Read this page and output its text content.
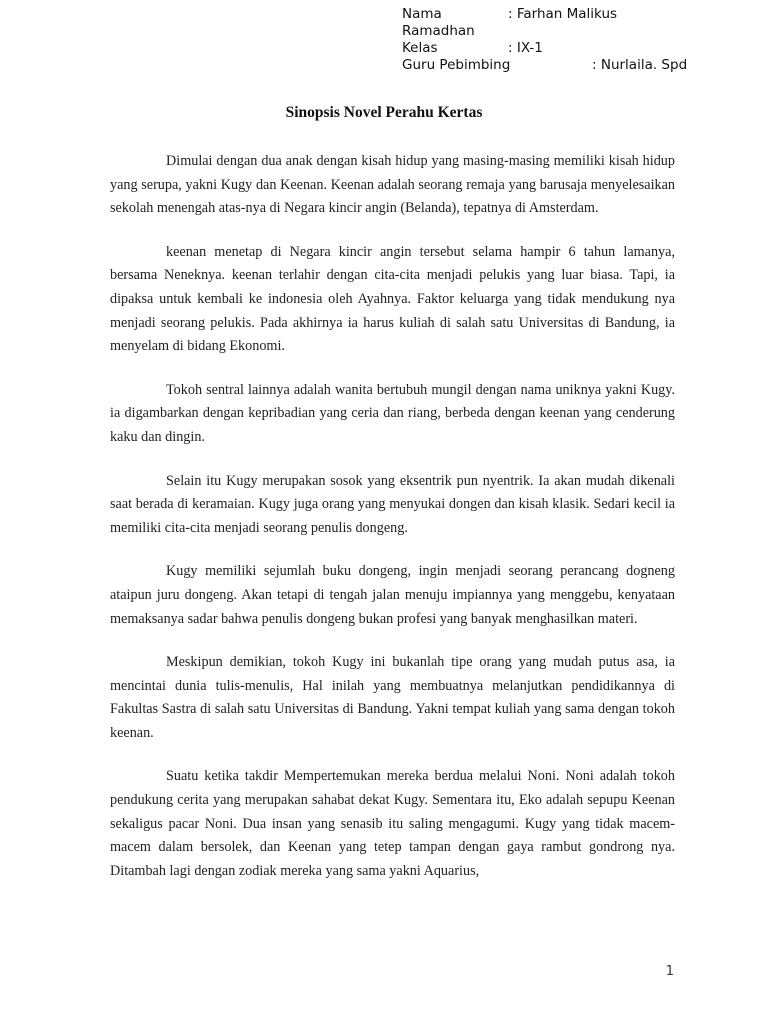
Nama	: Farhan Malikus
Ramadhan
Kelas	: IX-1
Guru Pebimbing	: Nurlaila. Spd
Sinopsis Novel Perahu Kertas

Dimulai dengan dua anak dengan kisah hidup yang masing-masing memiliki kisah hidup yang serupa, yakni Kugy dan Keenan. Keenan adalah seorang remaja yang barusaja menyelesaikan sekolah menengah atas-nya di Negara kincir angin (Belanda), tepatnya di Amsterdam.

keenan menetap di Negara kincir angin tersebut selama hampir 6 tahun lamanya, bersama Neneknya. keenan terlahir dengan cita-cita menjadi pelukis yang luar biasa. Tapi, ia dipaksa untuk kembali ke indonesia oleh Ayahnya. Faktor keluarga yang tidak mendukung nya menjadi seorang pelukis. Pada akhirnya ia harus kuliah di salah satu Universitas di Bandung, ia menyelam di bidang Ekonomi.

Tokoh sentral lainnya adalah wanita bertubuh mungil dengan nama uniknya yakni Kugy. ia digambarkan dengan kepribadian yang ceria dan riang, berbeda dengan keenan yang cenderung kaku dan dingin.

Selain itu Kugy merupakan sosok yang eksentrik pun nyentrik. Ia akan mudah dikenali saat berada di keramaian. Kugy juga orang yang menyukai dongen dan kisah klasik. Sedari kecil ia memiliki cita-cita menjadi seorang penulis dongeng.

Kugy memiliki sejumlah buku dongeng, ingin menjadi seorang perancang dogneng ataipun juru dongeng. Akan tetapi di tengah jalan menuju impiannya yang menggebu, kenyataan memaksanya sadar bahwa penulis dongeng bukan profesi yang banyak menghasilkan materi.

Meskipun demikian, tokoh Kugy ini bukanlah tipe orang yang mudah putus asa, ia mencintai dunia tulis-menulis, Hal inilah yang membuatnya melanjutkan pendidikannya di Fakultas Sastra di salah satu Universitas di Bandung. Yakni tempat kuliah yang sama dengan tokoh keenan.

Suatu ketika takdir Mempertemukan mereka berdua melalui Noni. Noni adalah tokoh pendukung cerita yang merupakan sahabat dekat Kugy. Sementara itu, Eko adalah sepupu Keenan sekaligus pacar Noni. Dua insan yang senasib itu saling mengagumi. Kugy yang tidak macem-macem dalam bersolek, dan Keenan yang tetep tampan dengan gaya rambut gondrong nya. Ditambah lagi dengan zodiak mereka yang sama yakni Aquarius,

1
